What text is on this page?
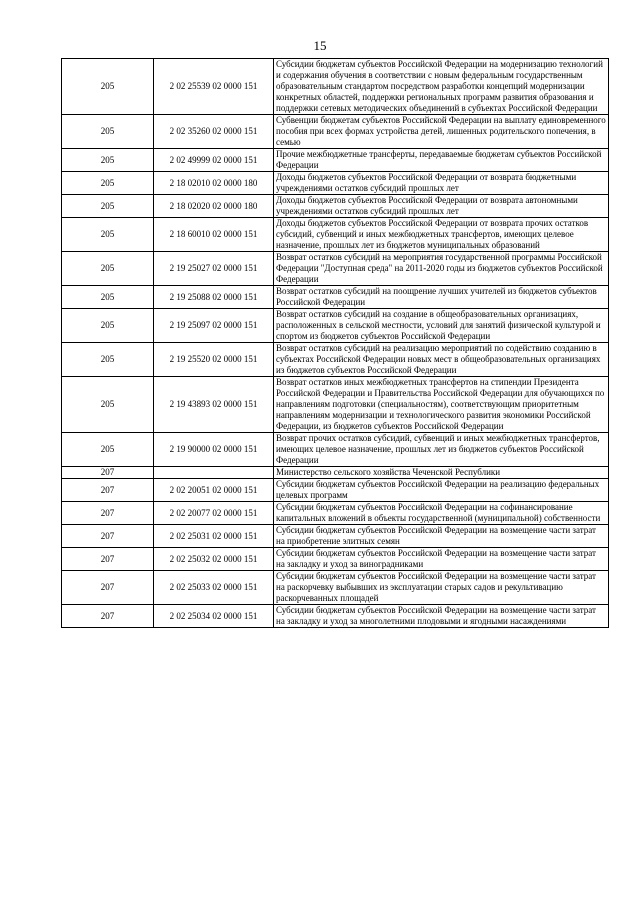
15
205	2 02 25539 02 0000 151	Субсидии бюджетам субъектов Российской Федерации на модернизацию технологий и содержания обучения в соответствии с новым федеральным государственным образовательным стандартом посредством разработки концепций модернизации конкретных областей, поддержки региональных программ развития образования и поддержки сетевых методических объединений в субъектах Российской Федерации
205	2 02 35260 02 0000 151	Субвенции бюджетам субъектов Российской Федерации на выплату единовременного пособия при всех формах устройства детей, лишенных родительского попечения, в семью
205	2 02 49999 02 0000 151	Прочие межбюджетные трансферты, передаваемые бюджетам субъектов Российской Федерации
205	2 18 02010 02 0000 180	Доходы бюджетов субъектов Российской Федерации от возврата бюджетными учреждениями остатков субсидий прошлых лет
205	2 18 02020 02 0000 180	Доходы бюджетов субъектов Российской Федерации от возврата автономными учреждениями остатков субсидий прошлых лет
205	2 18 60010 02 0000 151	Доходы бюджетов субъектов Российской Федерации от возврата прочих остатков субсидий, субвенций и иных межбюджетных трансфертов, имеющих целевое назначение, прошлых лет из бюджетов муниципальных образований
205	2 19 25027 02 0000 151	Возврат остатков субсидий на мероприятия государственной программы Российской Федерации "Доступная среда" на 2011-2020 годы из бюджетов субъектов Российской Федерации
205	2 19 25088 02 0000 151	Возврат остатков субсидий на поощрение лучших учителей из бюджетов субъектов Российской Федерации
205	2 19 25097 02 0000 151	Возврат остатков субсидий на создание в общеобразовательных организациях, расположенных в сельской местности, условий для занятий физической культурой и спортом из бюджетов субъектов Российской Федерации
205	2 19 25520 02 0000 151	Возврат остатков субсидий на реализацию мероприятий по содействию созданию в субъектах Российской Федерации новых мест в общеобразовательных организациях из бюджетов субъектов Российской Федерации
205	2 19 43893 02 0000 151	Возврат остатков иных межбюджетных трансфертов на стипендии Президента Российской Федерации и Правительства Российской Федерации для обучающихся по направлениям подготовки (специальностям), соответствующим приоритетным направлениям модернизации и технологического развития экономики Российской Федерации, из бюджетов субъектов Российской Федерации
205	2 19 90000 02 0000 151	Возврат прочих остатков субсидий, субвенций и иных межбюджетных трансфертов, имеющих целевое назначение, прошлых лет из бюджетов субъектов Российской Федерации
207		Министерство сельского хозяйства Чеченской Республики
207	2 02 20051 02 0000 151	Субсидии бюджетам субъектов Российской Федерации на реализацию федеральных целевых программ
207	2 02 20077 02 0000 151	Субсидии бюджетам субъектов Российской Федерации на софинансирование капитальных вложений в объекты государственной (муниципальной) собственности
207	2 02 25031 02 0000 151	Субсидии бюджетам субъектов Российской Федерации на возмещение части затрат на приобретение элитных семян
207	2 02 25032 02 0000 151	Субсидии бюджетам субъектов Российской Федерации на возмещение части затрат на закладку и уход за виноградниками
207	2 02 25033 02 0000 151	Субсидии бюджетам субъектов Российской Федерации на возмещение части затрат на раскорчевку выбывших из эксплуатации старых садов и рекультивацию раскорчеванных площадей
207	2 02 25034 02 0000 151	Субсидии бюджетам субъектов Российской Федерации на возмещение части затрат на закладку и уход за многолетними плодовыми и ягодными насаждениями
